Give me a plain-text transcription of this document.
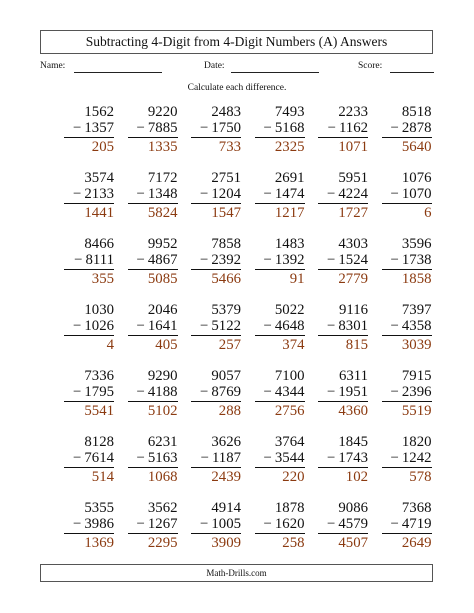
Subtracting 4-Digit from 4-Digit Numbers (A) Answers
Name:	Date:	Score:
Calculate each difference.
1562
− 1357
205
9220
− 7885
1335
2483
− 1750
733
7493
− 5168
2325
2233
− 1162
1071
8518
− 2878
5640
3574
− 2133
1441
7172
− 1348
5824
2751
− 1204
1547
2691
− 1474
1217
5951
− 4224
1727
1076
− 1070
6
8466
− 8111
355
9952
− 4867
5085
7858
− 2392
5466
1483
− 1392
91
4303
− 1524
2779
3596
− 1738
1858
1030
− 1026
4
2046
− 1641
405
5379
− 5122
257
5022
− 4648
374
9116
− 8301
815
7397
− 4358
3039
7336
− 1795
5541
9290
− 4188
5102
9057
− 8769
288
7100
− 4344
2756
6311
− 1951
4360
7915
− 2396
5519
8128
− 7614
514
6231
− 5163
1068
3626
− 1187
2439
3764
− 3544
220
1845
− 1743
102
1820
− 1242
578
5355
− 3986
1369
3562
− 1267
2295
4914
− 1005
3909
1878
− 1620
258
9086
− 4579
4507
7368
− 4719
2649
Math-Drills.com
